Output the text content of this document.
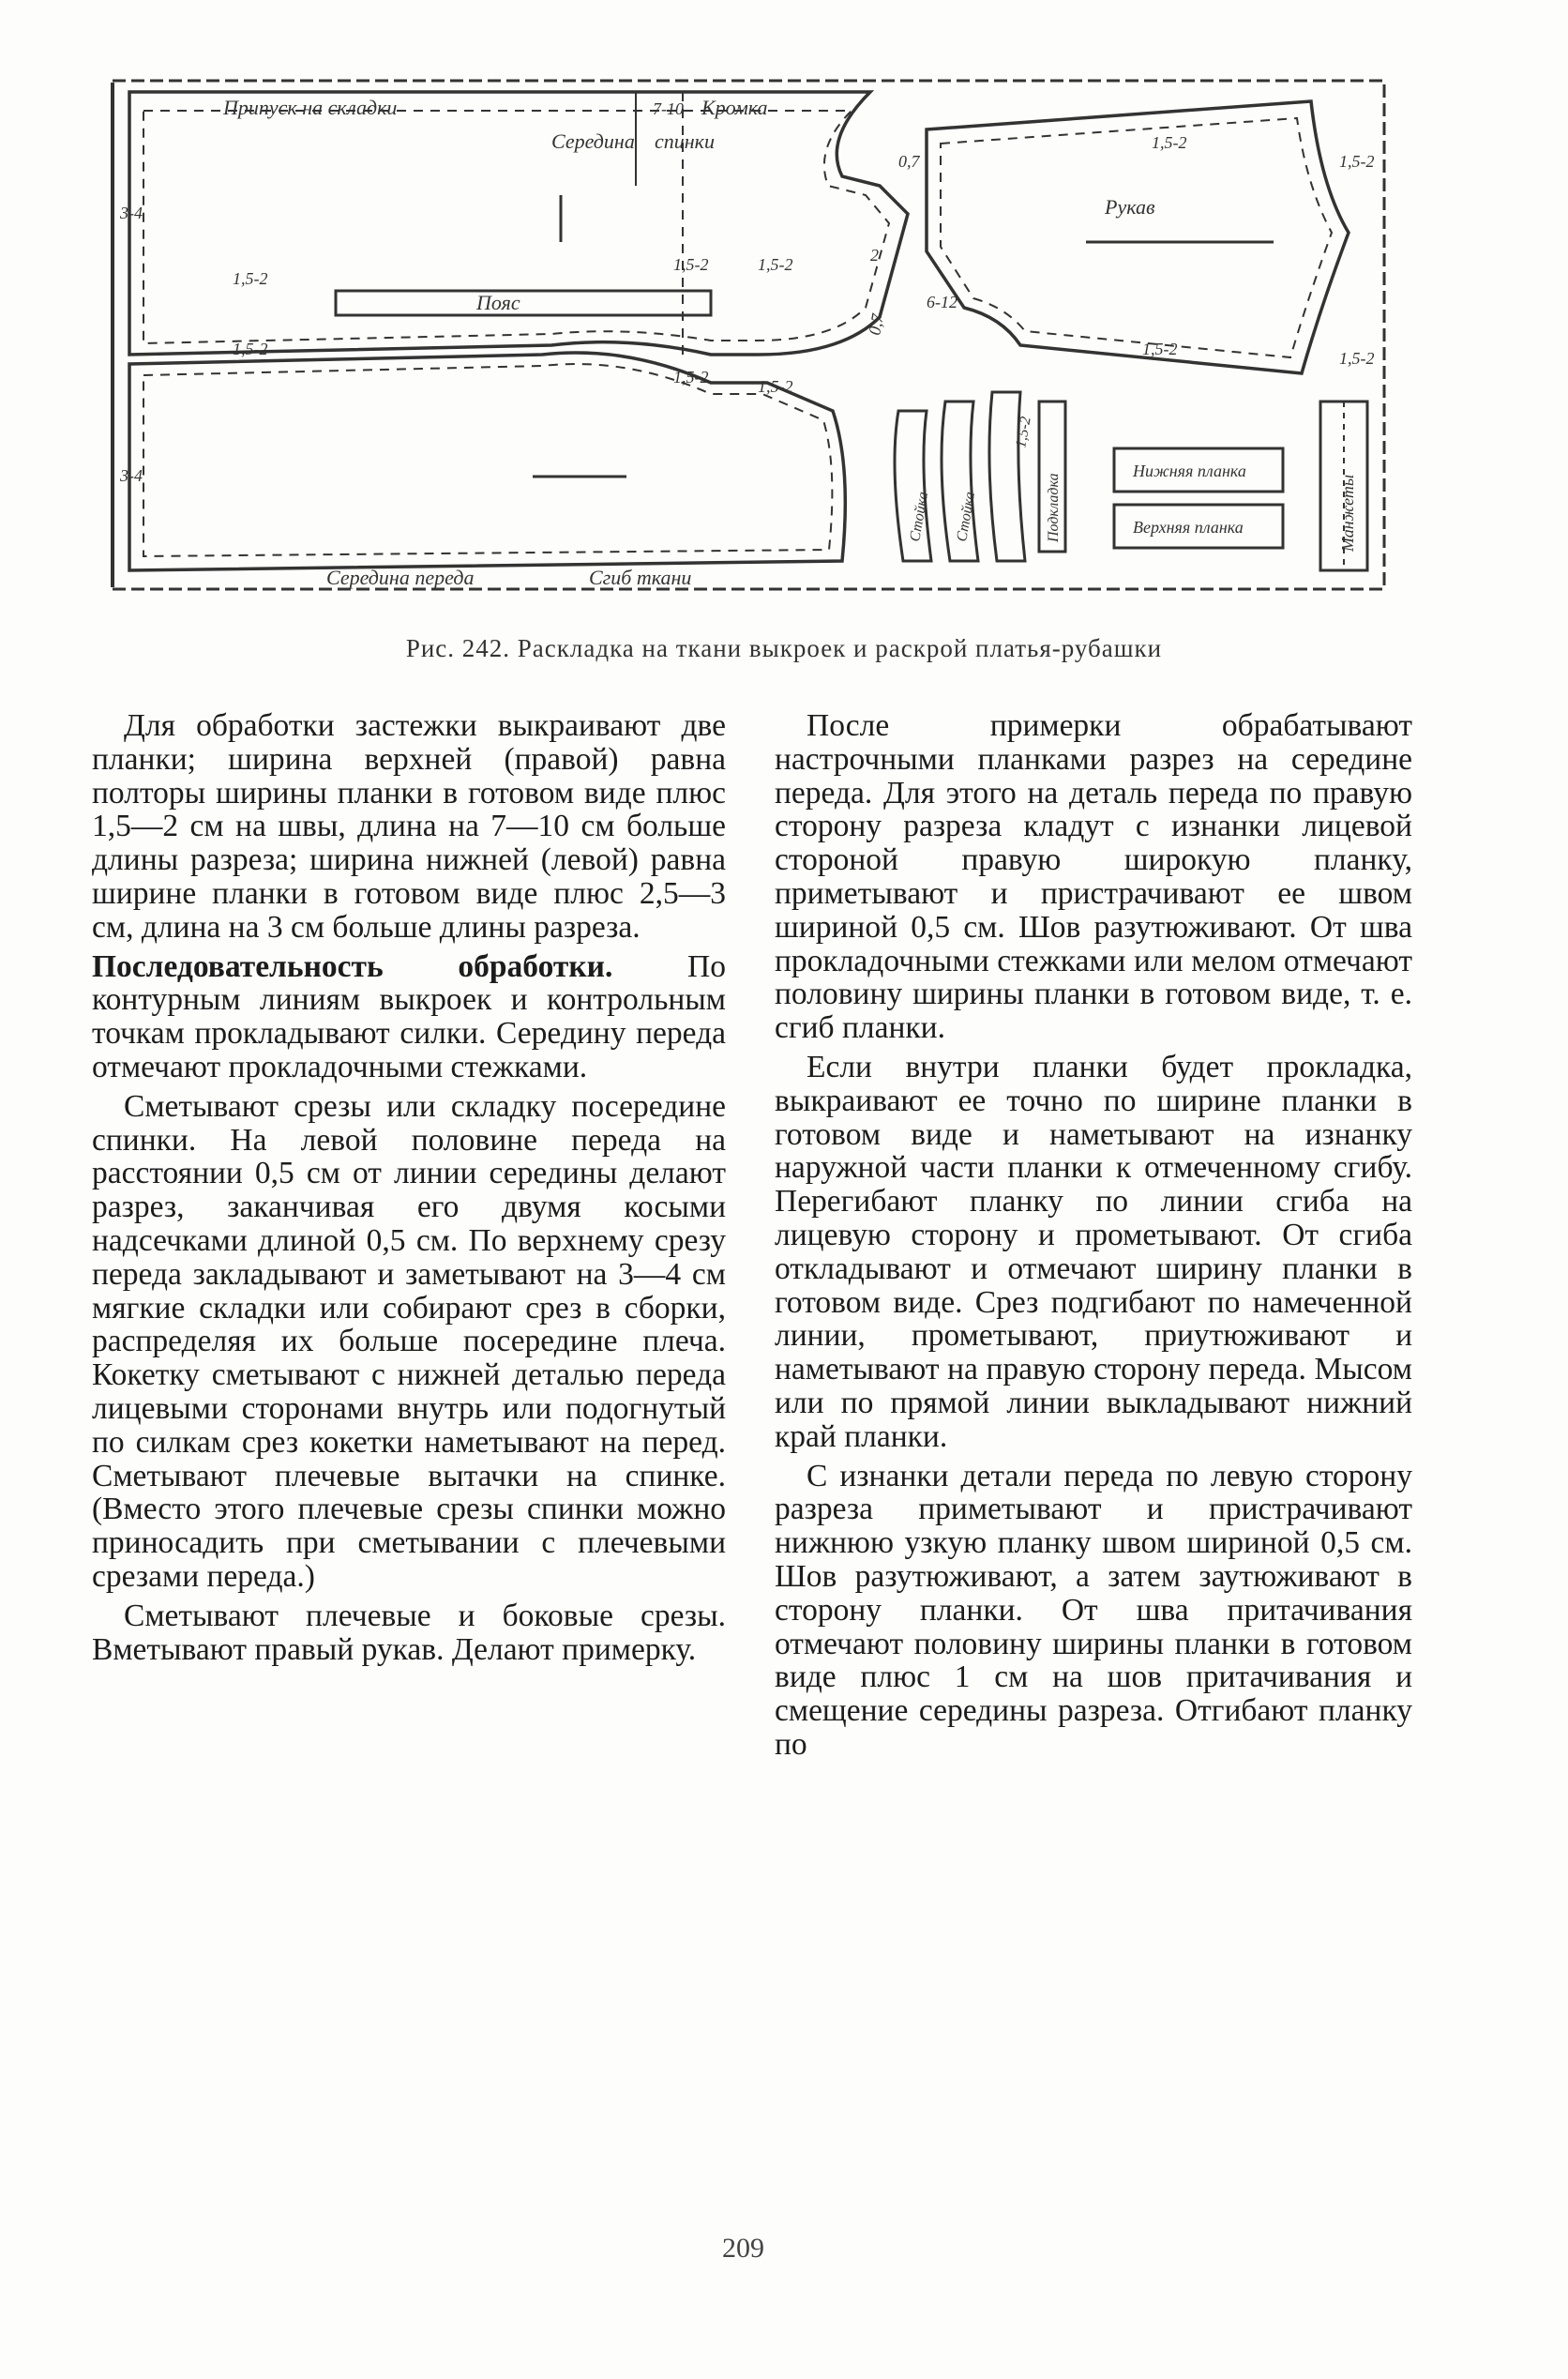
Припуск на складки
Середина спинки
Кромка
7-10
Рукав
Пояс
Середина переда	Сгиб ткани
Стойка Стойка	Подкладка
Нижняя планка
Верхняя планка	Манжеты
1,5-2
1,5-2
1,5-2	1,5-2
1,5-2	1,5-2
1,5-2
1,5-2
1,5-2
1,5-2
3-4
3-4
0,7
0,7
2
6-12
1,5-2
Рис. 242. Раскладка на ткани выкроек и раскрой платья-рубашки

Для обработки застежки выкраивают две планки; ширина верхней (правой) равна полторы ширины планки в готовом виде плюс 1,5—2 см на швы, длина на 7—10 см больше длины разреза; ширина нижней (левой) равна ширине планки в готовом виде плюс 2,5—3 см, длина на 3 см больше длины разреза.

Последовательность обработки. По контурным линиям выкроек и контрольным точкам прокладывают силки. Середину переда отмечают прокладочными стежками.

Сметывают срезы или складку посередине спинки. На левой половине переда на расстоянии 0,5 см от линии середины делают разрез, заканчивая его двумя косыми надсечками длиной 0,5 см. По верхнему срезу переда закладывают и заметывают на 3—4 см мягкие складки или собирают срез в сборки, распределяя их больше посередине плеча. Кокетку сметывают с нижней деталью переда лицевыми сторонами внутрь или подогнутый по силкам срез кокетки наметывают на перед. Сметывают плечевые вытачки на спинке. (Вместо этого плечевые срезы спинки можно приносадить при сметывании с плечевыми срезами переда.)

Сметывают плечевые и боковые срезы. Вметывают правый рукав. Делают примерку.

После примерки обрабатывают настрочными планками разрез на середине переда. Для этого на деталь переда по правую сторону разреза кладут с изнанки лицевой стороной правую широкую планку, приметывают и пристрачивают ее швом шириной 0,5 см. Шов разутюживают. От шва прокладочными стежками или мелом отмечают половину ширины планки в готовом виде, т. е. сгиб планки.

Если внутри планки будет прокладка, выкраивают ее точно по ширине планки в готовом виде и наметывают на изнанку наружной части планки к отмеченному сгибу. Перегибают планку по линии сгиба на лицевую сторону и прометывают. От сгиба откладывают и отмечают ширину планки в готовом виде. Срез подгибают по намеченной линии, прометывают, приутюживают и наметывают на правую сторону переда. Мысом или по прямой линии выкладывают нижний край планки.

С изнанки детали переда по левую сторону разреза приметывают и пристрачивают нижнюю узкую планку швом шириной 0,5 см. Шов разутюживают, а затем заутюживают в сторону планки. От шва притачивания отмечают половину ширины планки в готовом виде плюс 1 см на шов притачивания и смещение середины разреза. Отгибают планку по

209
